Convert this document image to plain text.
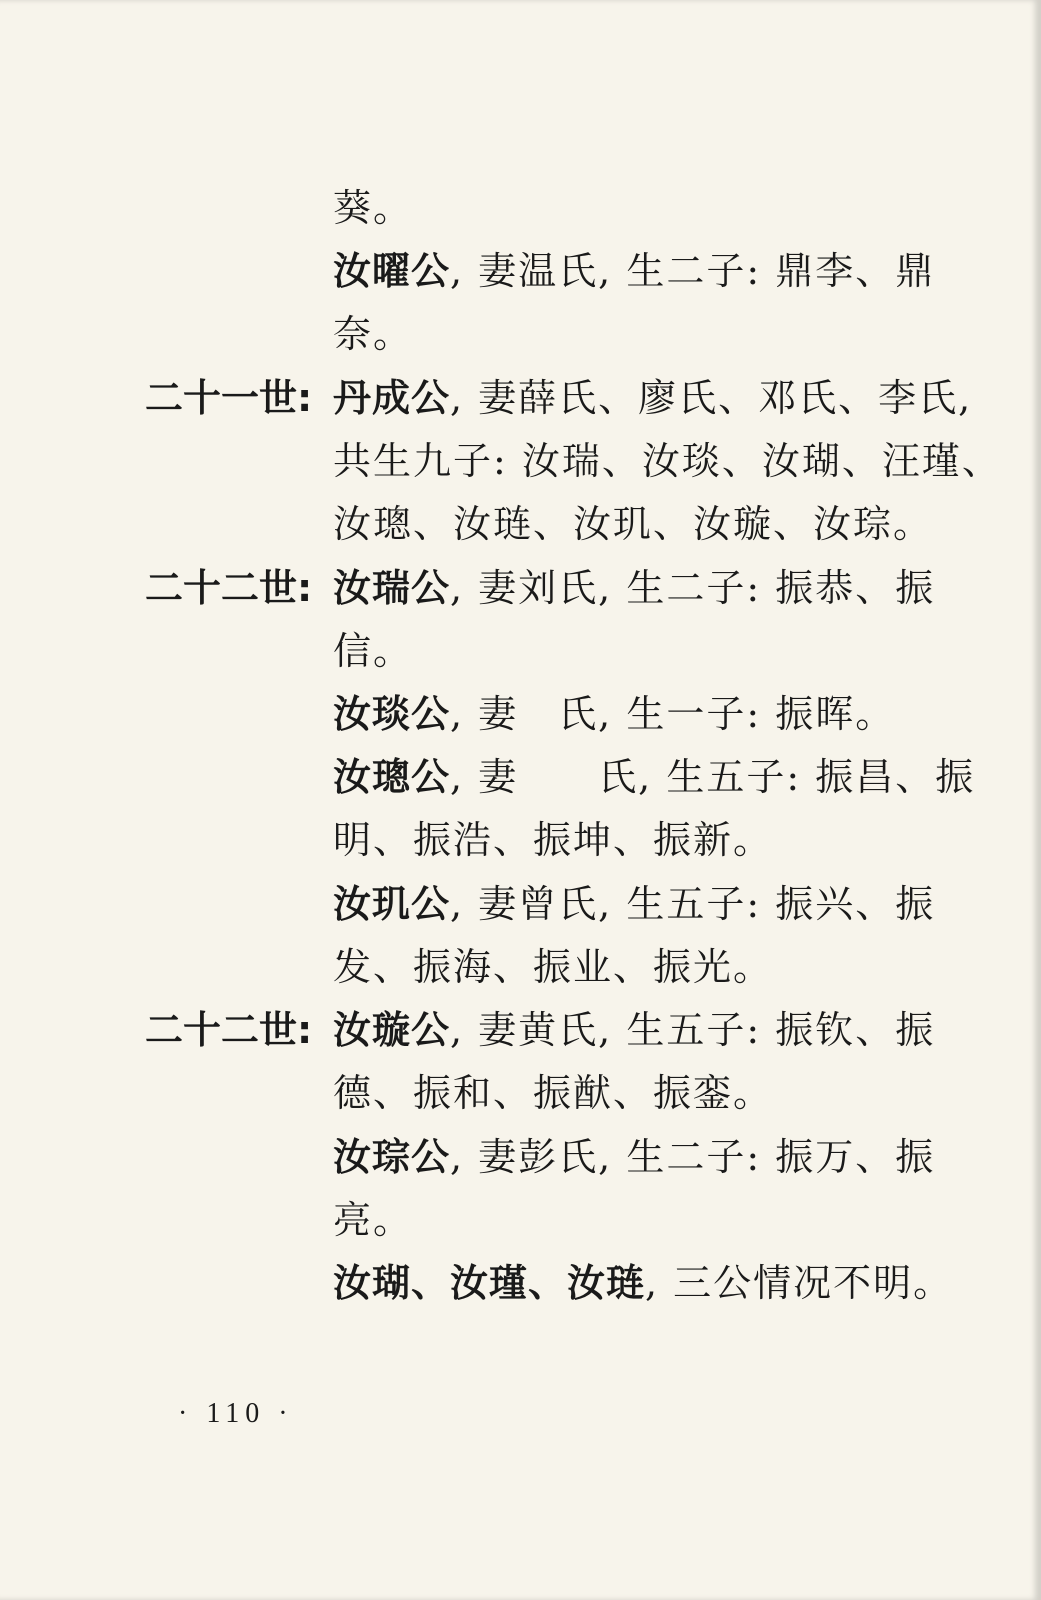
葵。
汝曜公, 妻温氏, 生二子: 鼎李、鼎
奈。
二十一世: 丹成公, 妻薛氏、廖氏、邓氏、李氏,
共生九子: 汝瑞、汝琰、汝瑚、汪瑾、
汝璁、汝琏、汝玑、汝璇、汝琮。
二十二世: 汝瑞公, 妻刘氏, 生二子: 振恭、振
信。
汝琰公, 妻　氏, 生一子: 振晖。
汝璁公, 妻　　氏, 生五子: 振昌、振
明、振浩、振坤、振新。
汝玑公, 妻曾氏, 生五子: 振兴、振
发、振海、振业、振光。
二十二世: 汝璇公, 妻黄氏, 生五子: 振钦、振
德、振和、振猷、振銮。
汝琮公, 妻彭氏, 生二子: 振万、振
亮。
汝瑚、汝瑾、汝琏, 三公情况不明。
· 110 ·
